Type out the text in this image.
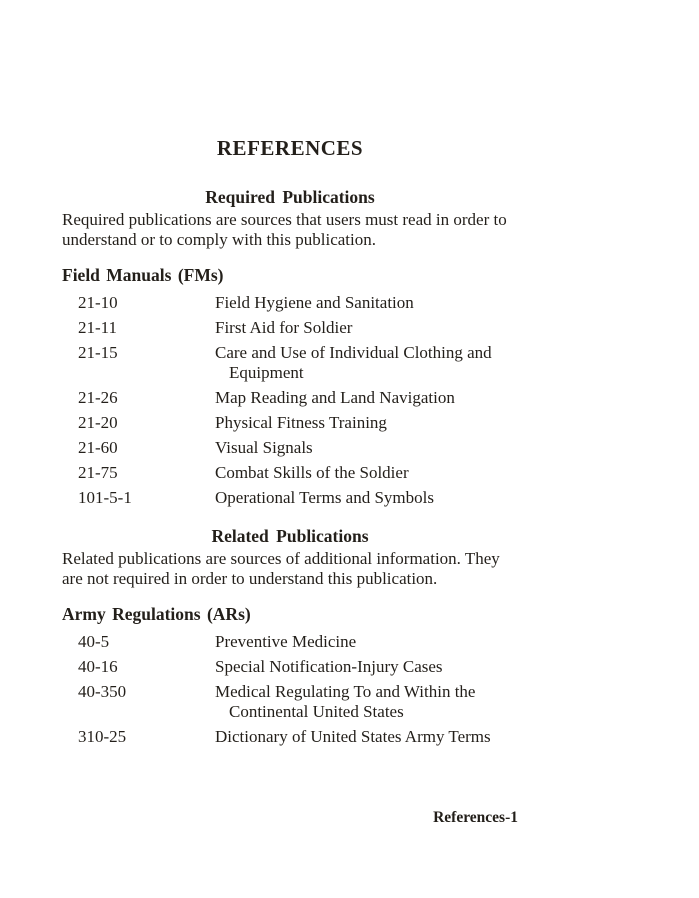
REFERENCES
Required Publications

Required publications are sources that users must read in order to understand or to comply with this publication.

Field Manuals (FMs)
21-10	Field Hygiene and Sanitation
21-11	First Aid for Soldier
21-15	Care and Use of Individual Clothing and Equipment
21-26	Map Reading and Land Navigation
21-20	Physical Fitness Training
21-60	Visual Signals
21-75	Combat Skills of the Soldier
101-5-1	Operational Terms and Symbols
Related Publications

Related publications are sources of additional information. They are not required in order to understand this publication.

Army Regulations (ARs)
40-5	Preventive Medicine
40-16	Special Notification-Injury Cases
40-350	Medical Regulating To and Within the Continental United States
310-25	Dictionary of United States Army Terms
References-1
